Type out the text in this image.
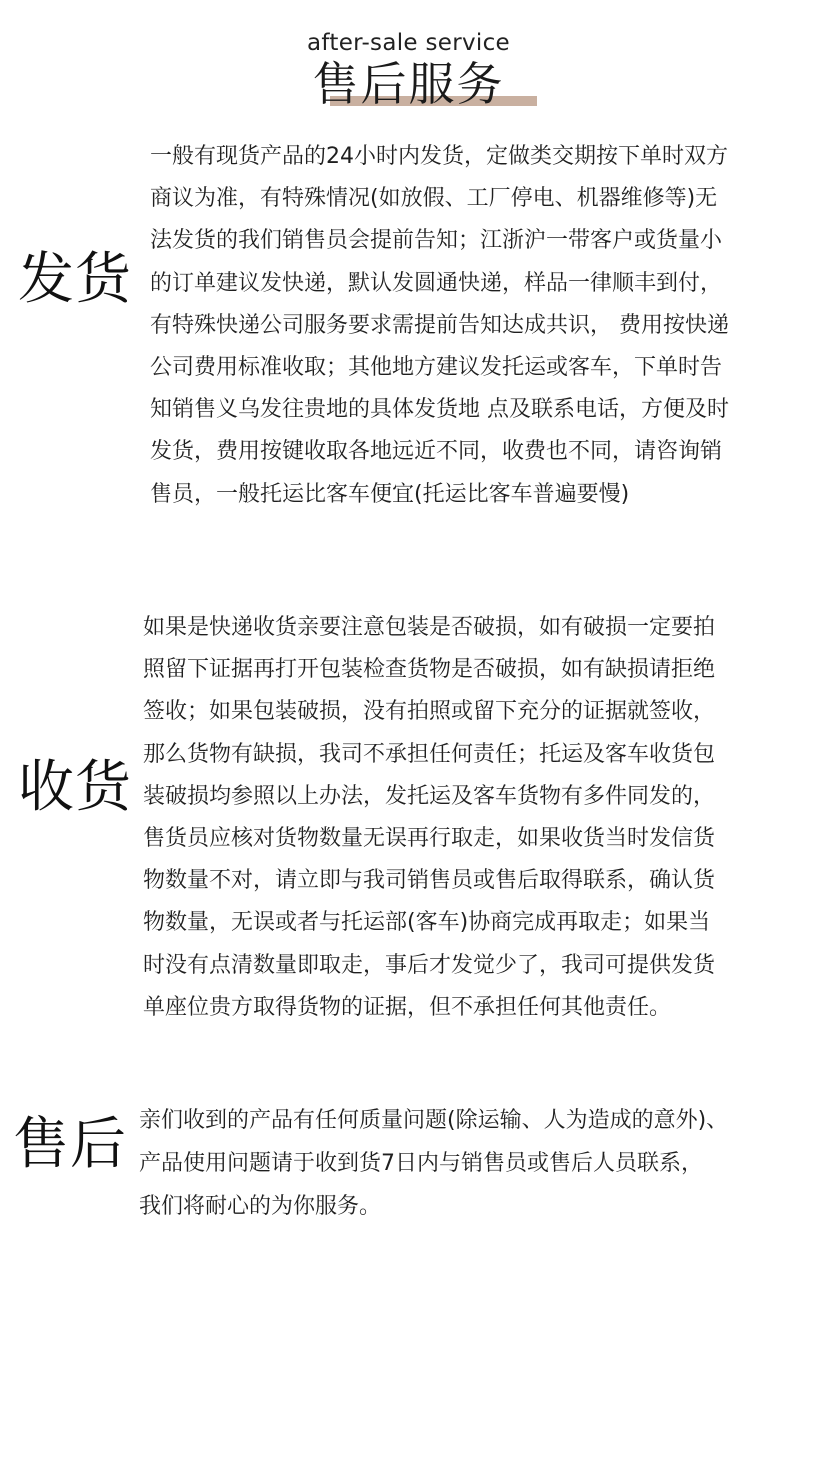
after-sale service
售后服务
发货

一般有现货产品的24小时内发货，定做类交期按下单时双方
商议为准，有特殊情况(如放假、工厂停电、机器维修等)无
法发货的我们销售员会提前告知；江浙沪一带客户或货量小
的订单建议发快递，默认发圆通快递，样品一律顺丰到付，
有特殊快递公司服务要求需提前告知达成共识， 费用按快递
公司费用标准收取；其他地方建议发托运或客车，下单时告
知销售义乌发往贵地的具体发货地 点及联系电话，方便及时
发货，费用按键收取各地远近不同，收费也不同，请咨询销
售员，一般托运比客车便宜(托运比客车普遍要慢)

收货

如果是快递收货亲要注意包装是否破损，如有破损一定要拍
照留下证据再打开包装检查货物是否破损，如有缺损请拒绝
签收；如果包装破损，没有拍照或留下充分的证据就签收，
那么货物有缺损，我司不承担任何责任；托运及客车收货包
装破损均参照以上办法，发托运及客车货物有多件同发的，
售货员应核对货物数量无误再行取走，如果收货当时发信货
物数量不对，请立即与我司销售员或售后取得联系，确认货
物数量，无误或者与托运部(客车)协商完成再取走；如果当
时没有点清数量即取走，事后才发觉少了，我司可提供发货
单座位贵方取得货物的证据，但不承担任何其他责任。

售后 亲们收到的产品有任何质量问题(除运输、人为造成的意外)、
产品使用问题请于收到货7日内与销售员或售后人员联系，
我们将耐心的为你服务。
